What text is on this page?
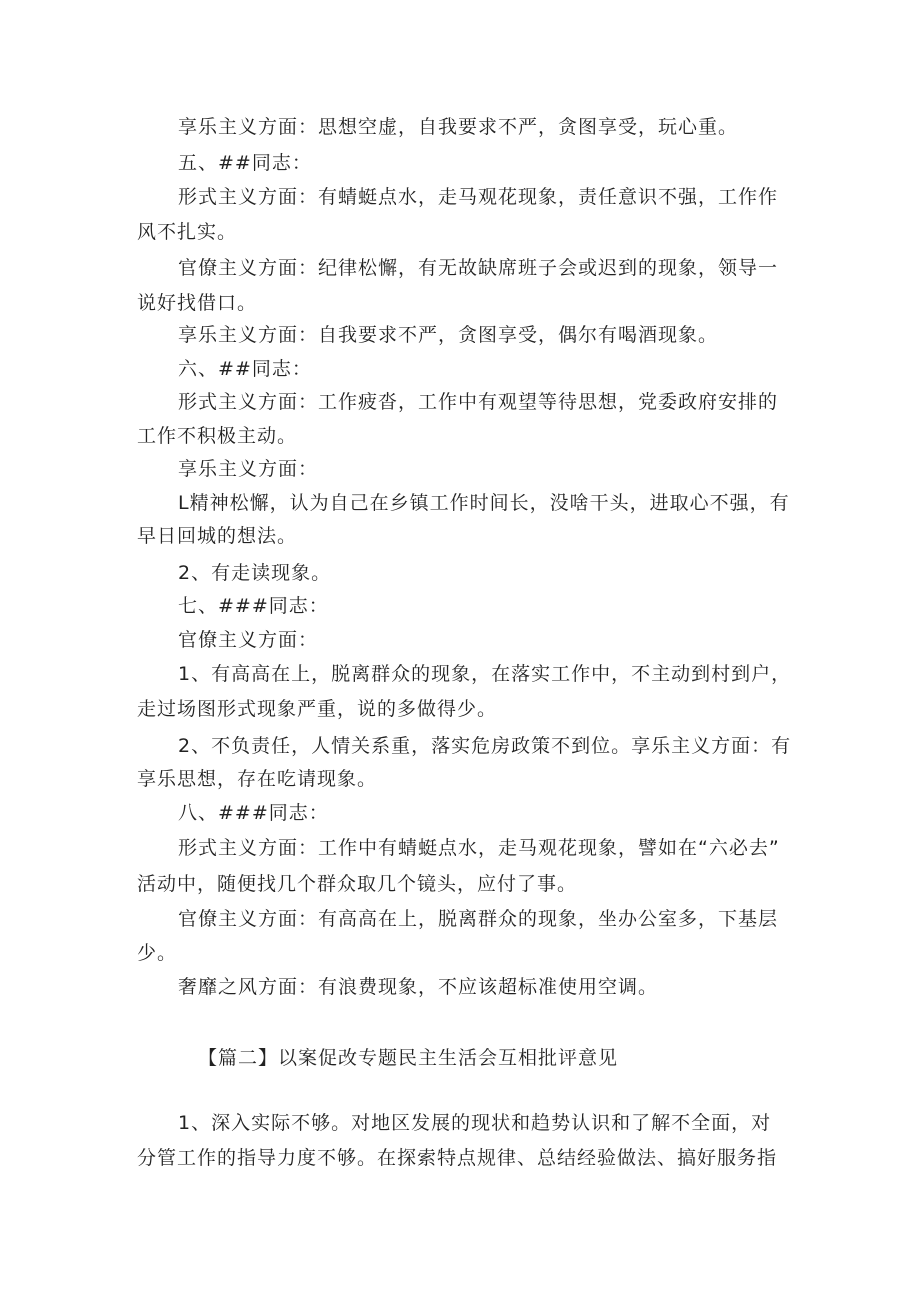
享乐主义方面：思想空虚，自我要求不严，贪图享受，玩心重。
五、##同志：
形式主义方面：有蜻蜓点水，走马观花现象，责任意识不强，工作作
风不扎实。
官僚主义方面：纪律松懈，有无故缺席班子会或迟到的现象，领导一
说好找借口。
享乐主义方面：自我要求不严，贪图享受，偶尔有喝酒现象。
六、##同志：
形式主义方面：工作疲沓，工作中有观望等待思想，党委政府安排的
工作不积极主动。
享乐主义方面：
L精神松懈，认为自己在乡镇工作时间长，没啥干头，进取心不强，有
早日回城的想法。
2、有走读现象。
七、###同志：
官僚主义方面：
1、有高高在上，脱离群众的现象，在落实工作中，不主动到村到户，
走过场图形式现象严重，说的多做得少。
2、不负责任，人情关系重，落实危房政策不到位。享乐主义方面：有
享乐思想，存在吃请现象。
八、###同志：
形式主义方面：工作中有蜻蜓点水，走马观花现象，譬如在“六必去”
活动中，随便找几个群众取几个镜头，应付了事。
官僚主义方面：有高高在上，脱离群众的现象，坐办公室多，下基层
少。
奢靡之风方面：有浪费现象，不应该超标准使用空调。
【篇二】以案促改专题民主生活会互相批评意见
1、深入实际不够。对地区发展的现状和趋势认识和了解不全面，对
分管工作的指导力度不够。在探索特点规律、总结经验做法、搞好服务指
